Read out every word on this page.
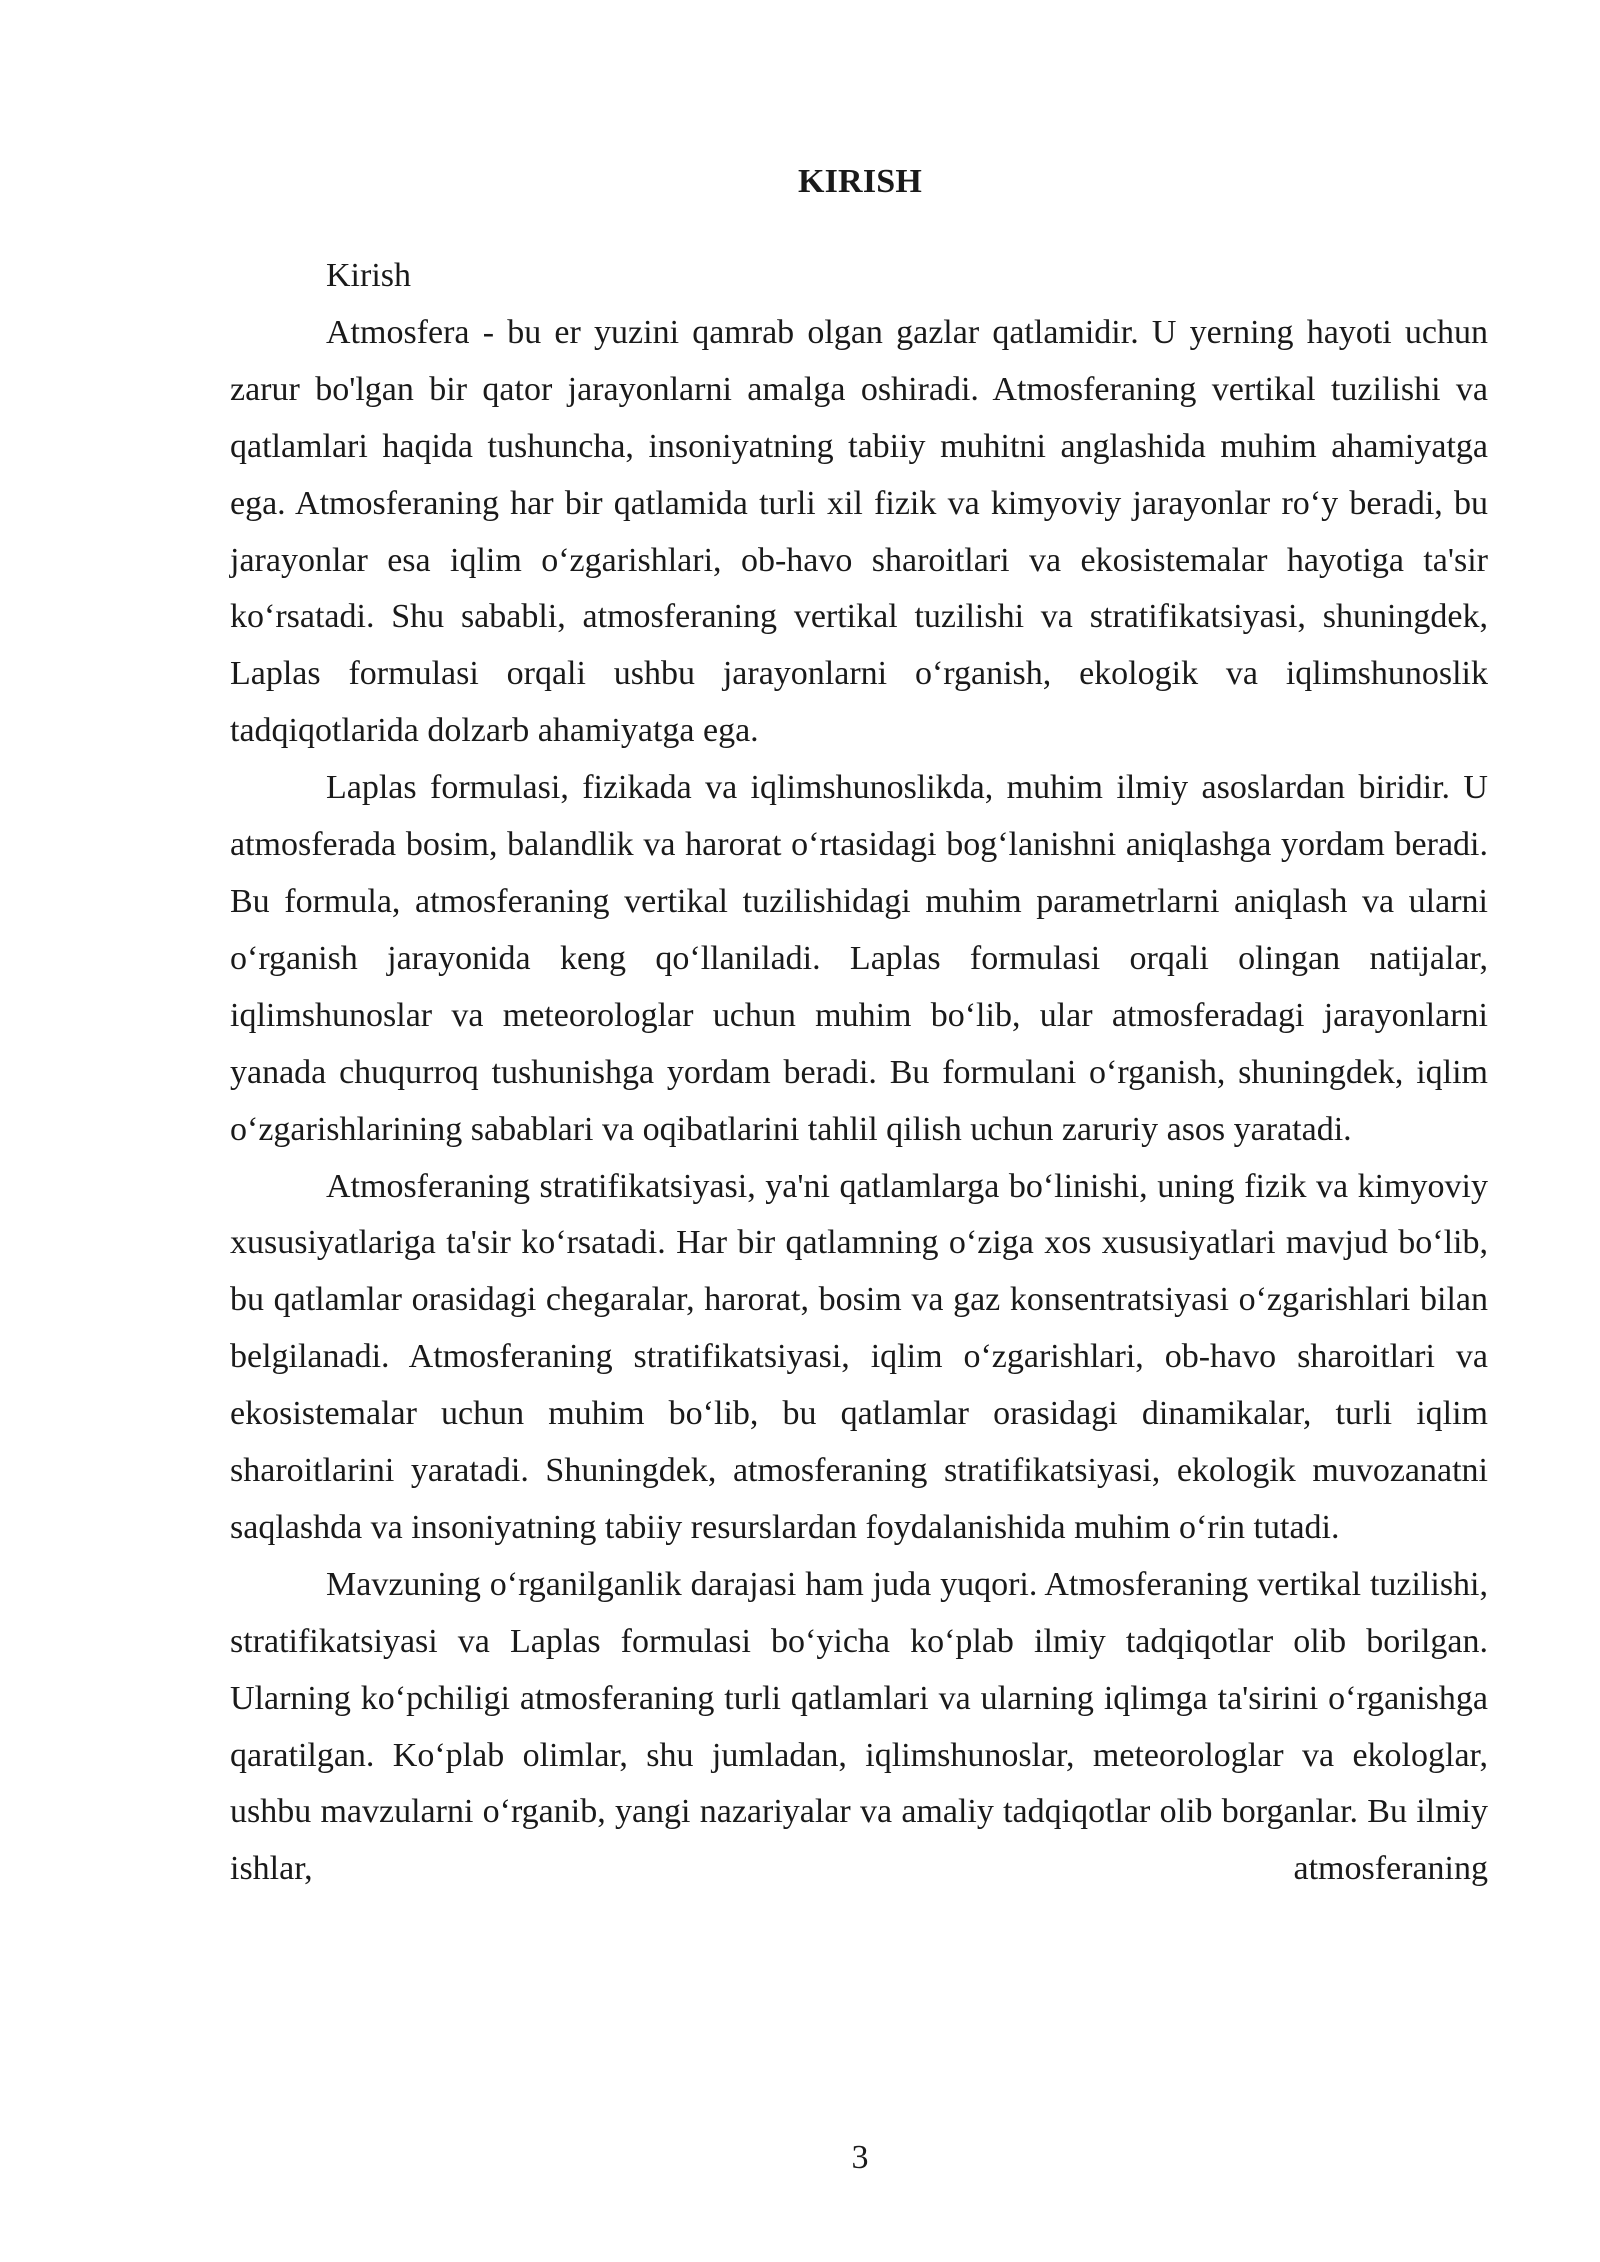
KIRISH

Kirish

Atmosfera - bu er yuzini qamrab olgan gazlar qatlamidir. U yerning hayoti uchun zarur bo'lgan bir qator jarayonlarni amalga oshiradi. Atmosferaning vertikal tuzilishi va qatlamlari haqida tushuncha, insoniyatning tabiiy muhitni anglashida muhim ahamiyatga ega. Atmosferaning har bir qatlamida turli xil fizik va kimyoviy jarayonlar roʻy beradi, bu jarayonlar esa iqlim oʻzgarishlari, ob-havo sharoitlari va ekosistemalar hayotiga ta'sir koʻrsatadi. Shu sababli, atmosferaning vertikal tuzilishi va stratifikatsiyasi, shuningdek, Laplas formulasi orqali ushbu jarayonlarni oʻrganish, ekologik va iqlimshunoslik tadqiqotlarida dolzarb ahamiyatga ega.

Laplas formulasi, fizikada va iqlimshunoslikda, muhim ilmiy asoslardan biridir. U atmosferada bosim, balandlik va harorat oʻrtasidagi bogʻlanishni aniqlashga yordam beradi. Bu formula, atmosferaning vertikal tuzilishidagi muhim parametrlarni aniqlash va ularni oʻrganish jarayonida keng qoʻllaniladi. Laplas formulasi orqali olingan natijalar, iqlimshunoslar va meteorologlar uchun muhim boʻlib, ular atmosferadagi jarayonlarni yanada chuqurroq tushunishga yordam beradi. Bu formulani oʻrganish, shuningdek, iqlim oʻzgarishlarining sabablari va oqibatlarini tahlil qilish uchun zaruriy asos yaratadi.

Atmosferaning stratifikatsiyasi, ya'ni qatlamlarga boʻlinishi, uning fizik va kimyoviy xususiyatlariga ta'sir koʻrsatadi. Har bir qatlamning oʻziga xos xususiyatlari mavjud boʻlib, bu qatlamlar orasidagi chegaralar, harorat, bosim va gaz konsentratsiyasi oʻzgarishlari bilan belgilanadi. Atmosferaning stratifikatsiyasi, iqlim oʻzgarishlari, ob-havo sharoitlari va ekosistemalar uchun muhim boʻlib, bu qatlamlar orasidagi dinamikalar, turli iqlim sharoitlarini yaratadi. Shuningdek, atmosferaning stratifikatsiyasi, ekologik muvozanatni saqlashda va insoniyatning tabiiy resurslardan foydalanishida muhim oʻrin tutadi.

Mavzuning oʻrganilganlik darajasi ham juda yuqori. Atmosferaning vertikal tuzilishi, stratifikatsiyasi va Laplas formulasi boʻyicha koʻplab ilmiy tadqiqotlar olib borilgan. Ularning koʻpchiligi atmosferaning turli qatlamlari va ularning iqlimga ta'sirini oʻrganishga qaratilgan. Koʻplab olimlar, shu jumladan, iqlimshunoslar, meteorologlar va ekologlar, ushbu mavzularni oʻrganib, yangi nazariyalar va amaliy tadqiqotlar olib borganlar. Bu ilmiy ishlar, atmosferaning

3
